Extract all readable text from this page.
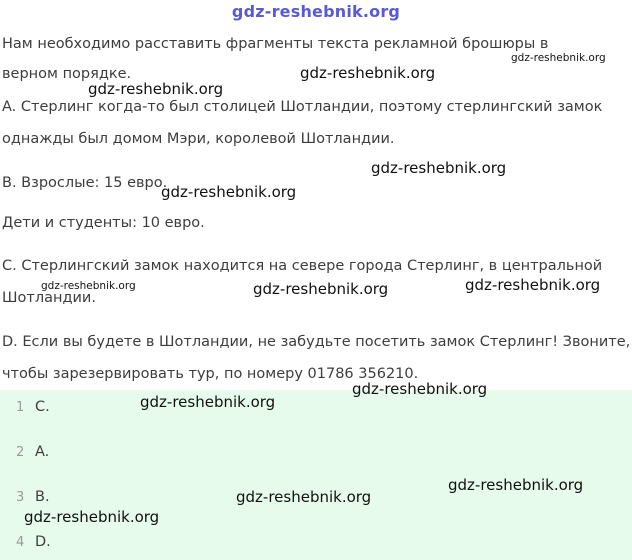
gdz-reshebnik.org
Нам необходимо расставить фрагменты текста рекламной брошюры в
верном порядке.
A. Стерлинг когда-то был столицей Шотландии, поэтому стерлингский замок
однажды был домом Мэри, королевой Шотландии.
B. Взрослые: 15 евро.
Дети и студенты: 10 евро.
C. Стерлингский замок находится на севере города Стерлинг, в центральной
Шотландии.
D. Если вы будете в Шотландии, не забудьте посетить замок Стерлинг! Звоните,
чтобы зарезервировать тур, по номеру 01786 356210.
1 C.
2 A.
3 B.
4 D.
gdz-reshebnik.org
gdz-reshebnik.org
gdz-reshebnik.org
gdz-reshebnik.org
gdz-reshebnik.org
gdz-reshebnik.org	gdz-reshebnik.org	gdz-reshebnik.org
gdz-reshebnik.org
gdz-reshebnik.org
gdz-reshebnik.org
gdz-reshebnik.org
gdz-reshebnik.org
